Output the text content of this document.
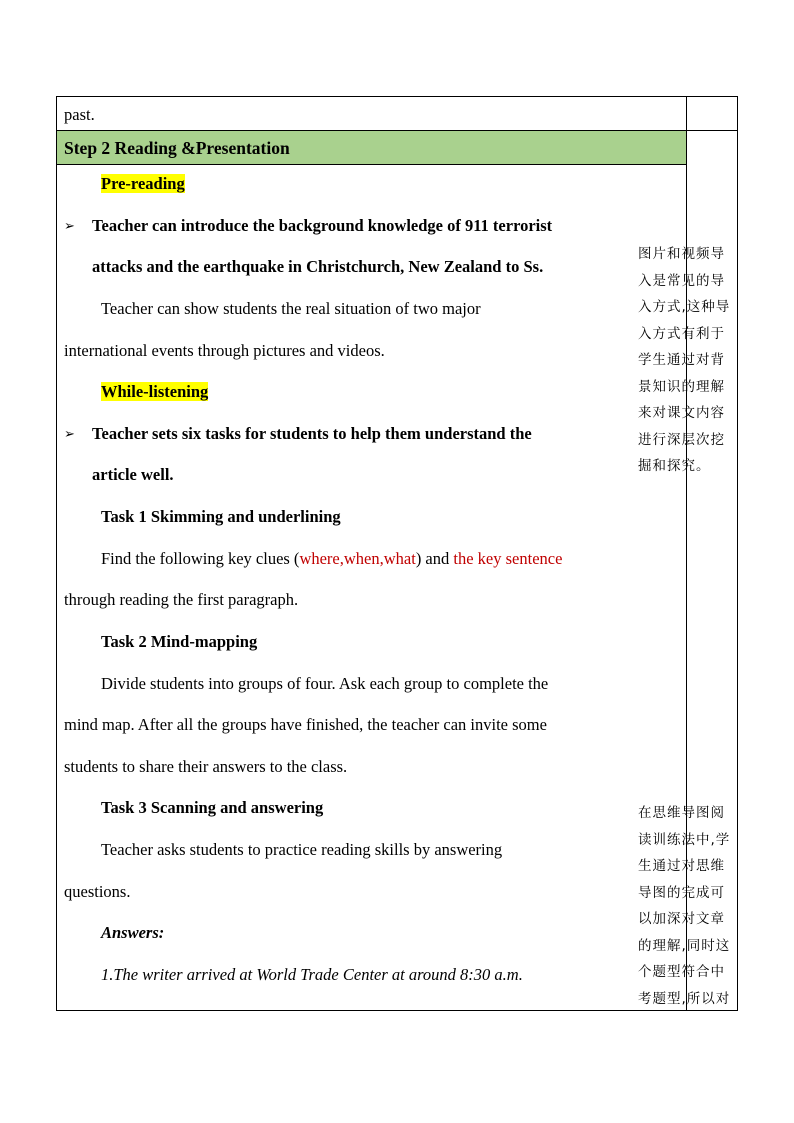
past.
Step 2 Reading &Presentation
Pre-reading
➢ Teacher can introduce the background knowledge of 911 terrorist
attacks and the earthquake in Christchurch, New Zealand to Ss.
Teacher can show students the real situation of two major
international events through pictures and videos.
While-listening
➢ Teacher sets six tasks for students to help them understand the
article well.
Task 1 Skimming and underlining
Find the following key clues (where,when,what) and the key sentence
through reading the first paragraph.
Task 2 Mind-mapping
Divide students into groups of four. Ask each group to complete the
mind map. After all the groups have finished, the teacher can invite some
students to share their answers to the class.
Task 3 Scanning and answering
Teacher asks students to practice reading skills by answering
questions.
Answers:
1.The writer arrived at World Trade Center at around 8:30 a.m.
图片和视频导
入是常见的导
入方式,这种导
入方式有利于
学生通过对背
景知识的理解
来对课文内容
进行深层次挖
掘和探究。
在思维导图阅
读训练法中,学
生通过对思维
导图的完成可
以加深对文章
的理解,同时这
个题型符合中
考题型,所以对
